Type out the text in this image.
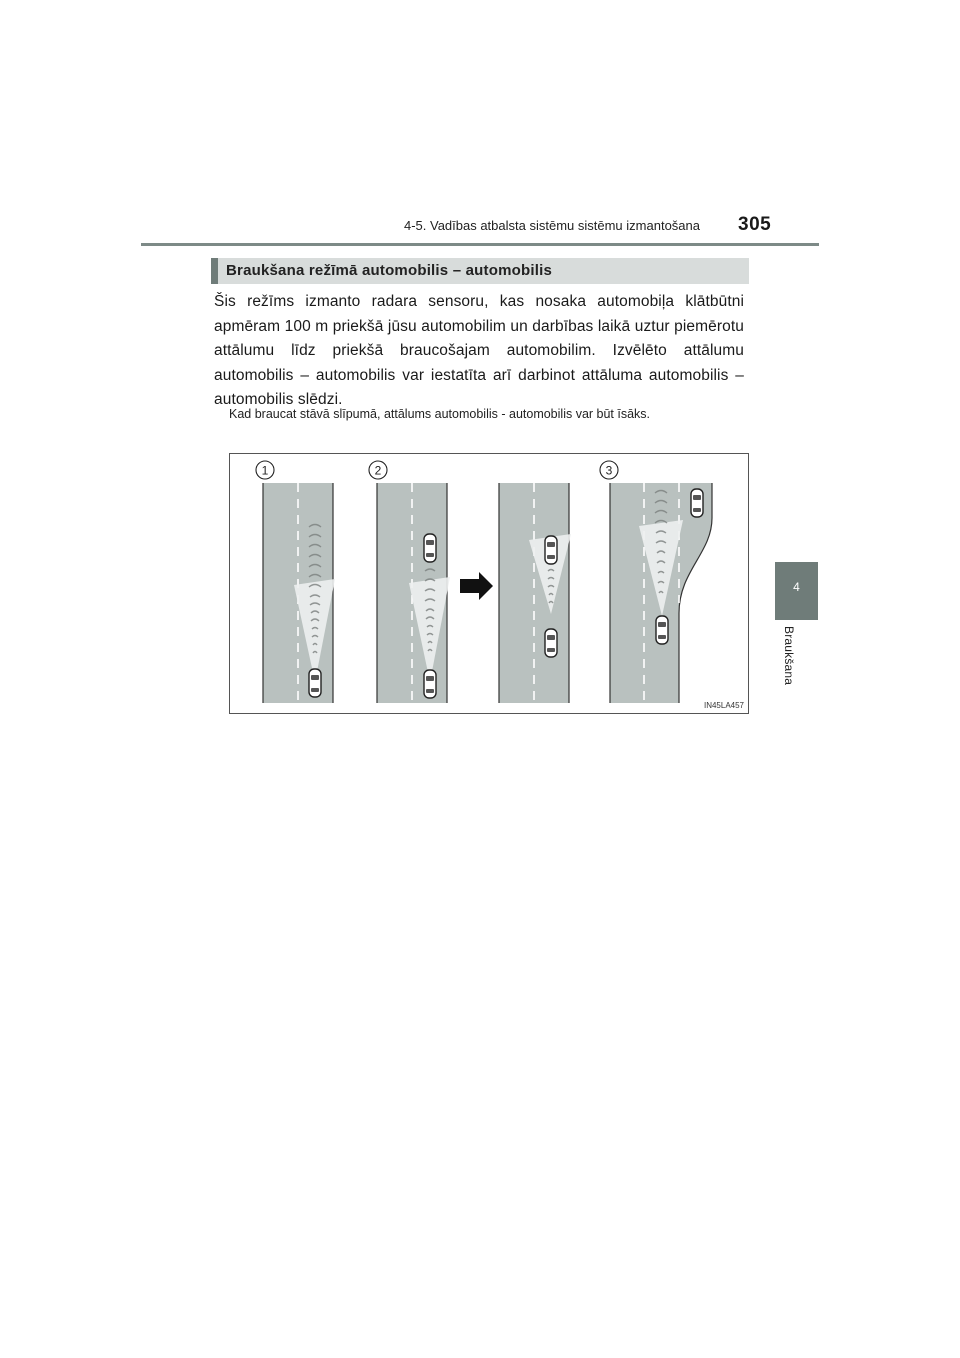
4-5. Vadības atbalsta sistēmu sistēmu izmantošana 305
4
Braukšana
Braukšana režīmā automobilis – automobilis
Šis režīms izmanto radara sensoru, kas nosaka automobiļa klātbūtni apmēram 100 m priekšā jūsu automobilim un darbības laikā uztur piemērotu attālumu līdz priekšā braucošajam automobilim. Izvēlēto attālumu automobilis – automobilis var iestatīta arī darbinot attāluma automobilis – automobilis slēdzi.
Kad braucat stāvā slīpumā, attālums automobilis - automobilis var būt īsāks.
1	2	3
IN45LA457
